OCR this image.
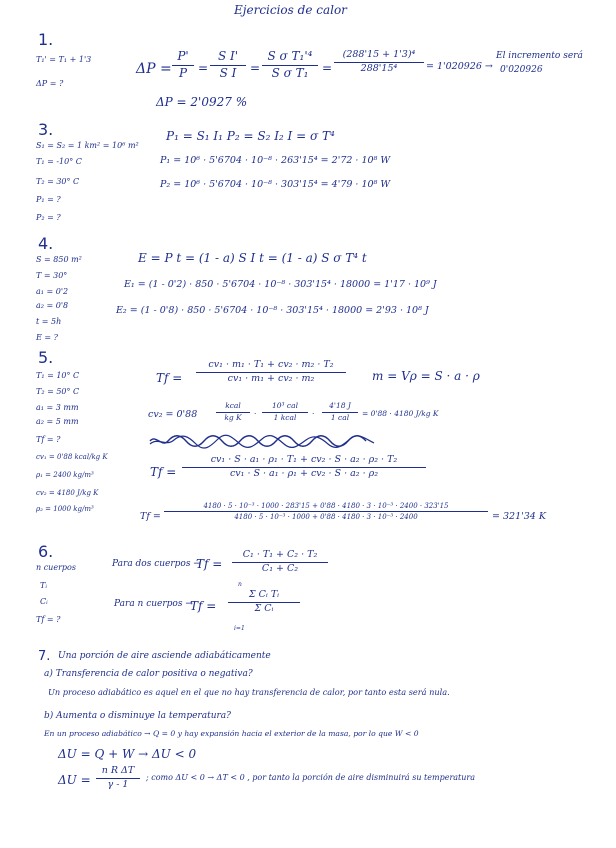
Ejercicios de calor
1.
T₁' = T₁ + 1'3
ΔP = ?
ΔP =
P'
P =
S I'
S I	=
S σ T₁'⁴
S σ T₁	=
(288'15 + 1'3)⁴
288'15⁴	= 1'020926 →
El incremento será
0'020926
ΔP = 2'0927 %
3.
S₁ = S₂ = 1 km² = 10⁶ m²
T₁ = -10° C
T₂ = 30° C
P₁ = ?
P₂ = ?
P₁ = S₁ I₁ P₂ = S₂ I₂ I = σ T⁴
P₁ = 10⁶ · 5'6704 · 10⁻⁸ · 263'15⁴ = 2'72 · 10⁸ W
P₂ = 10⁶ · 5'6704 · 10⁻⁸ · 303'15⁴ = 4'79 · 10⁸ W
4.
S = 850 m²
T = 30°
a₁ = 0'2
a₂ = 0'8
t = 5h
E = ?
E = P t = (1 - a) S I t = (1 - a) S σ T⁴ t
E₁ = (1 - 0'2) · 850 · 5'6704 · 10⁻⁸ · 303'15⁴ · 18000 = 1'17 · 10⁹ J
E₂ = (1 - 0'8) · 850 · 5'6704 · 10⁻⁸ · 303'15⁴ · 18000 = 2'93 · 10⁸ J
5.
T₁ = 10° C
T₂ = 50° C
a₁ = 3 mm
a₂ = 5 mm
Tf = ?
cv₁ = 0'88 kcal/kg K
ρ₁ = 2400 kg/m³
cv₂ = 4180 J/kg K
ρ₂ = 1000 kg/m³
Tf =
cv₁ · m₁ · T₁ + cv₂ · m₂ · T₂
cv₁ · m₁ + cv₂ · m₂	m = Vρ = S · a · ρ
cv₂ = 0'88
kcal
kg K	·
10³ cal
1 kcal	·
4'18 J
1 cal	= 0'88 · 4180 J/kg K
Tf =
cv₁ · S · a₁ · ρ₁ · T₁ + cv₂ · S · a₂ · ρ₂ · T₂
cv₁ · S · a₁ · ρ₁ + cv₂ · S · a₂ · ρ₂
Tf =
4180 · 5 · 10⁻³ · 1000 · 283'15 + 0'88 · 4180 · 3 · 10⁻³ · 2400 · 323'15
4180 · 5 · 10⁻³ · 1000 + 0'88 · 4180 · 3 · 10⁻³ · 2400	= 321'34 K
6.
n cuerpos
Tᵢ
Cᵢ
Tf = ?
Para dos cuerpos →
Tf =
C₁ · T₁ + C₂ · T₂
C₁ + C₂
Para n cuerpos →
Tf =
n
Σ Cᵢ Tᵢ
Σ Cᵢ
i=1
7. Una porción de aire asciende adiabáticamente
a) Transferencia de calor positiva o negativa?
Un proceso adiabático es aquel en el que no hay transferencia de calor, por tanto esta será nula.
b) Aumenta o disminuye la temperatura?
En un proceso adiabático → Q = 0 y hay expansión hacia el exterior de la masa, por lo que W < 0
ΔU = Q + W → ΔU < 0
ΔU =
n R ΔT
γ - 1
; como ΔU < 0 → ΔT < 0 , por tanto la porción de aire disminuirá su temperatura
